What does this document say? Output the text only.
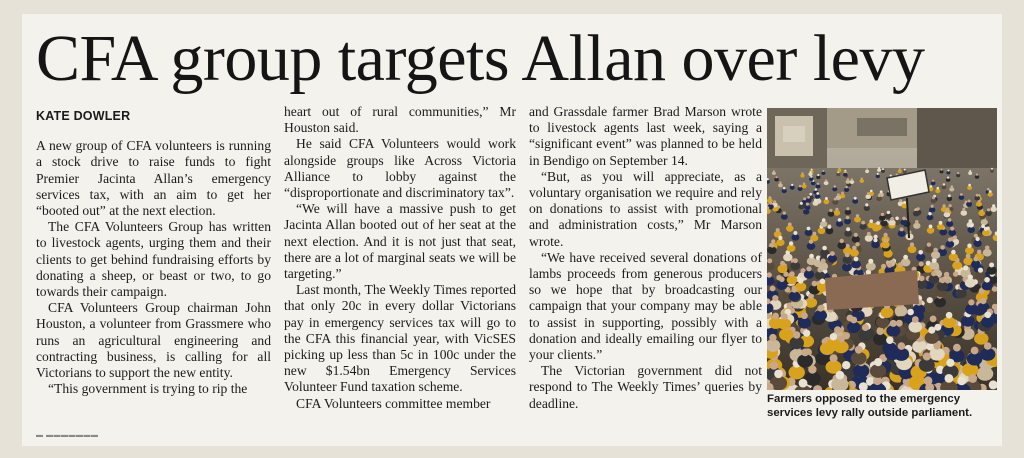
CFA group targets Allan over levy
KATE DOWLER

A new group of CFA volunteers is running a stock drive to raise funds to fight Premier Jacinta Allan’s emergency services tax, with an aim to get her “booted out” at the next election.

The CFA Volunteers Group has written to livestock agents, urging them and their clients to get behind fundraising efforts by donating a sheep, or beast or two, to go towards their campaign.

CFA Volunteers Group chairman John Houston, a volunteer from Grassmere who runs an agricultural engineering and contracting business, is calling for all Victorians to support the new entity.

“This government is trying to rip the

heart out of rural communities,” Mr Houston said.

He said CFA Volunteers would work alongside groups like Across Victoria Alliance to lobby against the “disproportionate and discriminatory tax”.

“We will have a massive push to get Jacinta Allan booted out of her seat at the next election. And it is not just that seat, there are a lot of marginal seats we will be targeting.”

Last month, The Weekly Times reported that only 20c in every dollar Victorians pay in emergency services tax will go to the CFA this financial year, with VicSES picking up less than 5c in 100c under the new $1.54bn Emergency Services Volunteer Fund taxation scheme.

CFA Volunteers committee member

and Grassdale farmer Brad Marson wrote to livestock agents last week, saying a “significant event” was planned to be held in Bendigo on September 14.

“But, as you will appreciate, as a voluntary organisation we require and rely on donations to assist with promotional and administration costs,” Mr Marson wrote.

“We have received several donations of lambs proceeds from generous producers so we hope that by broadcasting our campaign that your company may be able to assist in supporting, possibly with a donation and ideally emailing our flyer to your clients.”

The Victorian government did not respond to The Weekly Times’ queries by deadline.	Farmers opposed to the emergency services levy rally outside parliament.
▬ ▬▬▬▬▬▬▬
